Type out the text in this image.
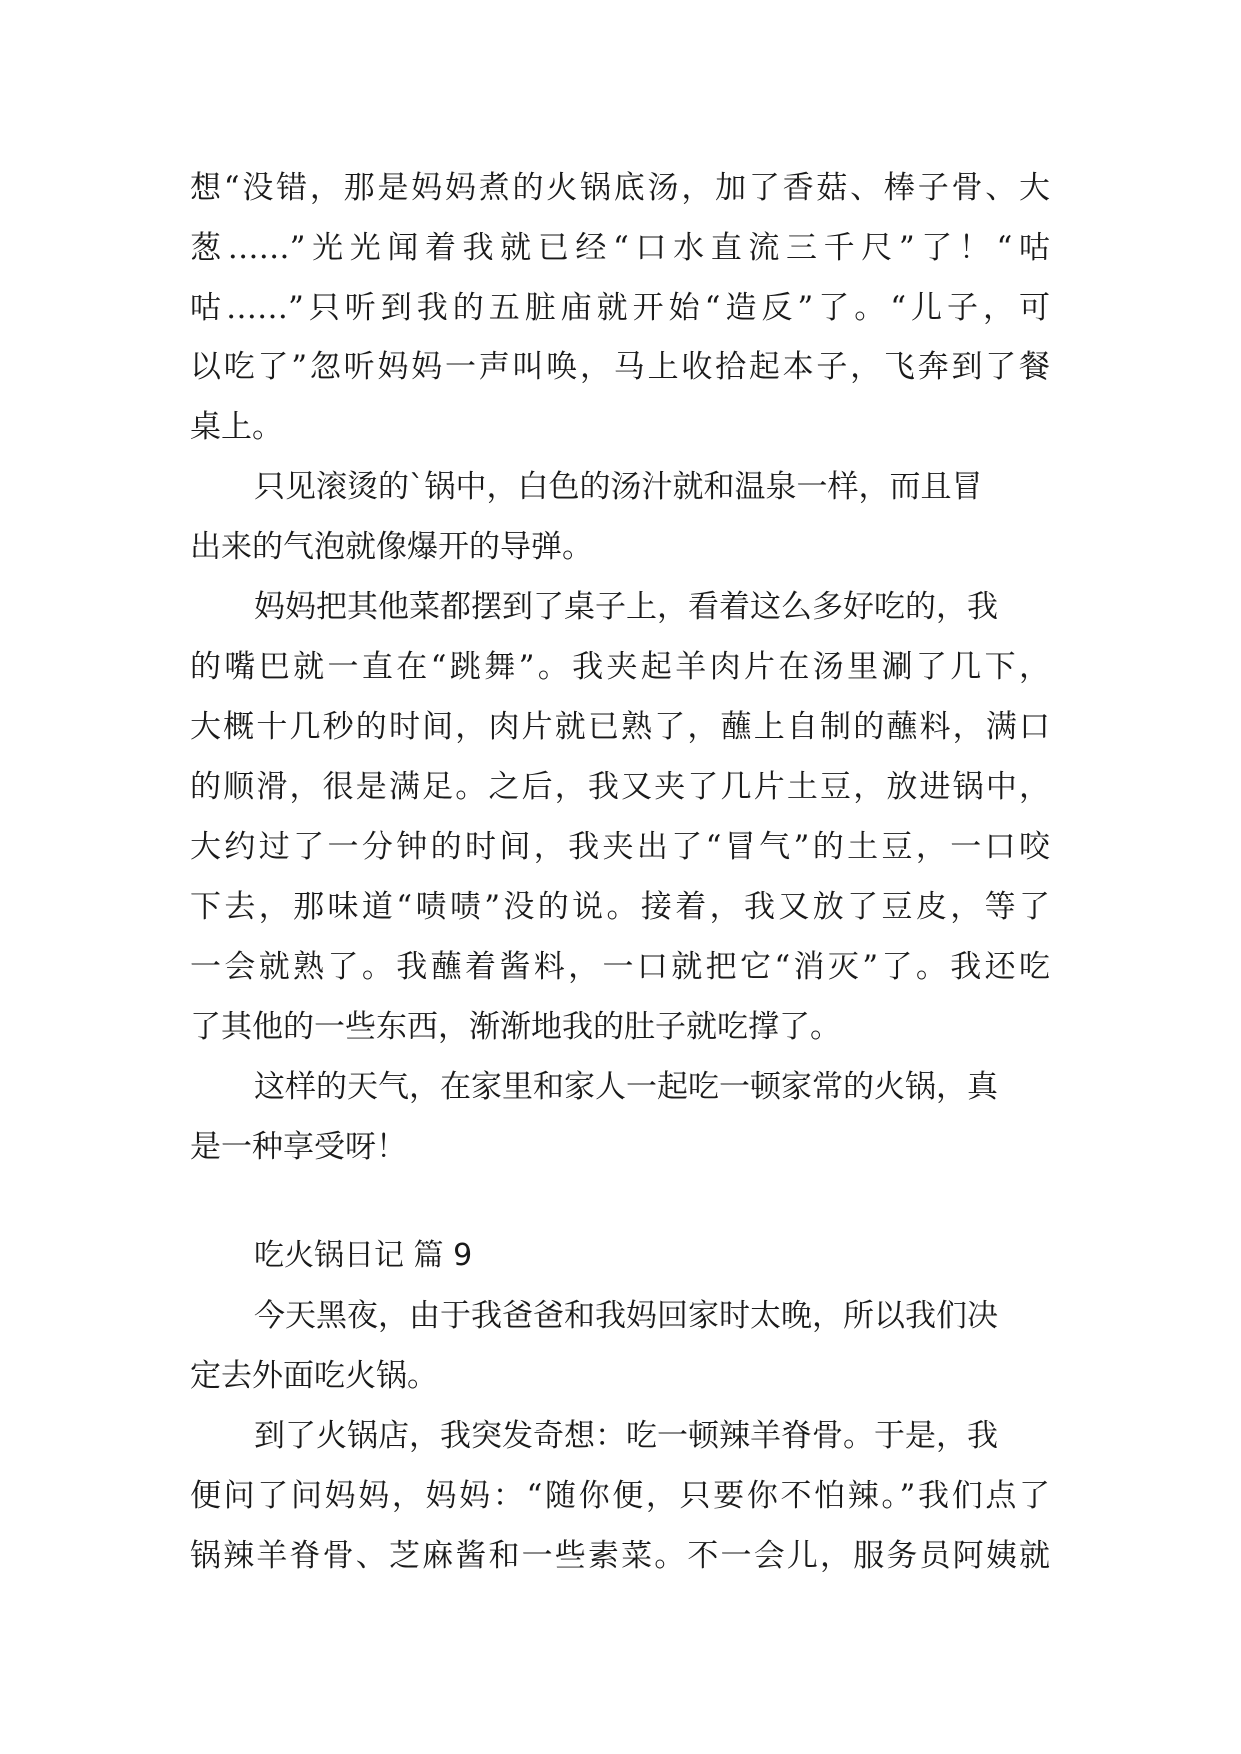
想“没错，那是妈妈煮的火锅底汤，加了香菇、棒子骨、大
葱……”光光闻着我就已经“口水直流三千尺”了！“咕
咕……”只听到我的五脏庙就开始“造反”了。“儿子，可
以吃了”忽听妈妈一声叫唤，马上收拾起本子，飞奔到了餐
桌上。
只见滚烫的`锅中，白色的汤汁就和温泉一样，而且冒
出来的气泡就像爆开的导弹。
妈妈把其他菜都摆到了桌子上，看着这么多好吃的，我
的嘴巴就一直在“跳舞”。我夹起羊肉片在汤里涮了几下，
大概十几秒的时间，肉片就已熟了，蘸上自制的蘸料，满口
的顺滑，很是满足。之后，我又夹了几片土豆，放进锅中，
大约过了一分钟的时间，我夹出了“冒气”的土豆，一口咬
下去，那味道“啧啧”没的说。接着，我又放了豆皮，等了
一会就熟了。我蘸着酱料，一口就把它“消灭”了。我还吃
了其他的一些东西，渐渐地我的肚子就吃撑了。
这样的天气，在家里和家人一起吃一顿家常的火锅，真
是一种享受呀！
今天黑夜，由于我爸爸和我妈回家时太晚，所以我们决
定去外面吃火锅。
到了火锅店，我突发奇想：吃一顿辣羊脊骨。于是，我
便问了问妈妈，妈妈：“随你便，只要你不怕辣。”我们点了
锅辣羊脊骨、芝麻酱和一些素菜。不一会儿，服务员阿姨就
吃火锅日记 篇 9
